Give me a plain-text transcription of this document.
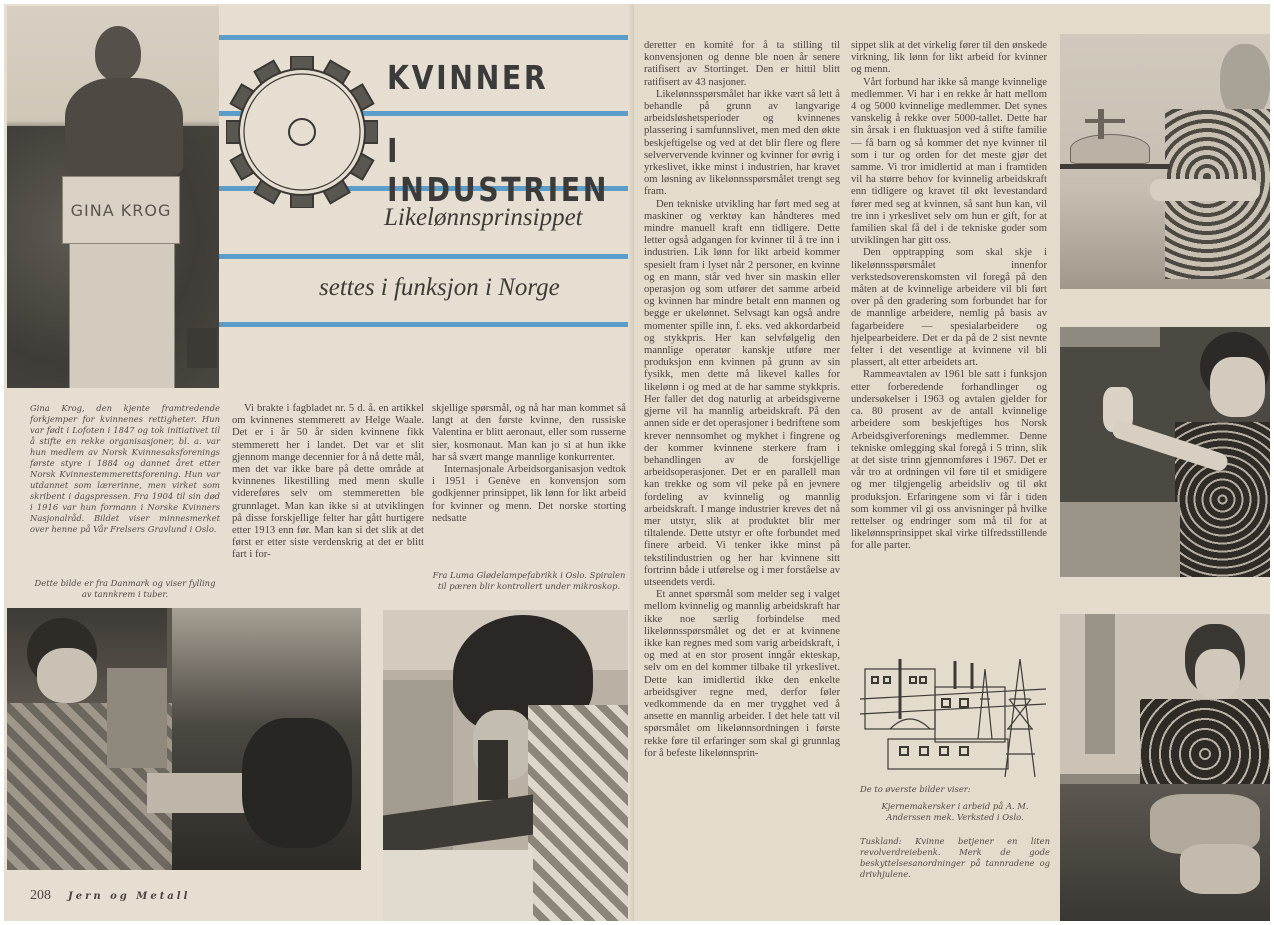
GINA KROG
Gina Krog, den kjente framtredende forkjemper for kvinnenes rettigheter. Hun var født i Lofoten i 1847 og tok initiativet til å stifte en rekke organisasjoner, bl. a. var hun medlem av Norsk Kvinnesaksforenings første styre i 1884 og dannet året etter Norsk Kvinnestemmerettsforening. Hun var utdannet som lærerinne, men virket som skribent i dagspressen. Fra 1904 til sin død i 1916 var hun formann i Norske Kvinners Nasjonalråd. Bildet viser minnesmerket over henne på Vår Frelsers Gravlund i Oslo.
Dette bilde er fra Danmark og viser fylling av tannkrem i tuber.
KVINNER
I INDUSTRIEN
Likelønnsprinsippet
settes i funksjon i Norge

Vi brakte i fagbladet nr. 5 d. å. en artikkel om kvinnenes stemmerett av Helge Waale. Det er i år 50 år siden kvinnene fikk stemmerett her i landet. Det var et slit gjennom mange decennier for å nå dette mål, men det var ikke bare på dette område at kvinnenes likestilling med menn skulle videreføres selv om stemmeretten ble grunnlaget. Man kan ikke si at utviklingen på disse forskjellige felter har gått hurtigere etter 1913 enn før. Man kan si det slik at det først er etter siste verdenskrig at det er blitt fart i for-

skjellige spørsmål, og nå har man kommet så langt at den første kvinne, den russiske Valentina er blitt aeronaut, eller som russerne sier, kosmonaut. Man kan jo si at hun ikke har så svært mange mannlige konkurrenter.

Internasjonale Arbeidsorganisasjon vedtok i 1951 i Genève en konvensjon som godkjenner prinsippet, lik lønn for likt arbeid for kvinner og menn. Det norske storting nedsatte

Fra Luma Glødelampefabrikk i Oslo. Spiralen til pæren blir kontrollert under mikroskop.
208 Jern og Metall

deretter en komité for å ta stilling til konvensjonen og denne ble noen år senere ratifisert av Stortinget. Den er hittil blitt ratifisert av 43 nasjoner.

Likelønnsspørsmålet har ikke vært så lett å behandle på grunn av langvarige arbeidsløshetsperioder og kvinnenes plassering i samfunnslivet, men med den økte beskjeftigelse og ved at det blir flere og flere selververvende kvinner og kvinner for øvrig i yrkeslivet, ikke minst i industrien, har kravet om løsning av likelønnsspørsmålet trengt seg fram.

Den tekniske utvikling har ført med seg at maskiner og verktøy kan håndteres med mindre manuell kraft enn tidligere. Dette letter også adgangen for kvinner til å tre inn i industrien. Lik lønn for likt arbeid kommer spesielt fram i lyset når 2 personer, en kvinne og en mann, står ved hver sin maskin eller operasjon og som utfører det samme arbeid og kvinnen har mindre betalt enn mannen og begge er ukelønnet. Selvsagt kan også andre momenter spille inn, f. eks. ved akkordarbeid og stykkpris. Her kan selvfølgelig den mannlige operatør kanskje utføre mer produksjon enn kvinnen på grunn av sin fysikk, men dette må likevel kalles for likelønn i og med at de har samme stykkpris. Her faller det dog naturlig at arbeidsgiverne gjerne vil ha mannlig arbeidskraft. På den annen side er det operasjoner i bedriftene som krever nennsomhet og mykhet i fingrene og der kommer kvinnene sterkere fram i behandlingen av de forskjellige arbeidsoperasjoner. Det er en parallell man kan trekke og som vil peke på en jevnere fordeling av kvinnelig og mannlig arbeidskraft. I mange industrier kreves det nå mer utstyr, slik at produktet blir mer tiltalende. Dette utstyr er ofte forbundet med finere arbeid. Vi tenker ikke minst på tekstilindustrien og her har kvinnene sitt fortrinn både i utførelse og i mer forståelse av utseendets verdi.

Et annet spørsmål som melder seg i valget mellom kvinnelig og mannlig arbeidskraft har ikke noe særlig forbindelse med likelønnsspørsmålet og det er at kvinnene ikke kan regnes med som varig arbeidskraft, i og med at en stor prosent inngår ekteskap, selv om en del kommer tilbake til yrkeslivet. Dette kan imidlertid ikke den enkelte arbeidsgiver regne med, derfor føler vedkommende da en mer trygghet ved å ansette en mannlig arbeider. I det hele tatt vil spørsmålet om likelønnsordningen i første rekke føre til erfaringer som skal gi grunnlag for å befeste likelønnsprin-

sippet slik at det virkelig fører til den ønskede virkning, lik lønn for likt arbeid for kvinner og menn.

Vårt forbund har ikke så mange kvinnelige medlemmer. Vi har i en rekke år hatt mellom 4 og 5000 kvinnelige medlemmer. Det synes vanskelig å rekke over 5000-tallet. Dette har sin årsak i en fluktuasjon ved å stifte familie — få barn og så kommer det nye kvinner til som i tur og orden for det meste gjør det samme. Vi tror imidlertid at man i framtiden vil ha større behov for kvinnelig arbeidskraft enn tidligere og kravet til økt levestandard fører med seg at kvinnen, så sant hun kan, vil tre inn i yrkeslivet selv om hun er gift, for at familien skal få del i de tekniske goder som utviklingen har gitt oss.

Den opptrapping som skal skje i likelønnsspørsmålet innenfor verkstedsoverenskomsten vil foregå på den måten at de kvinnelige arbeidere vil bli ført over på den gradering som forbundet har for de mannlige arbeidere, nemlig på basis av fagarbeidere — spesialarbeidere og hjelpearbeidere. Det er da på de 2 sist nevnte felter i det vesentlige at kvinnene vil bli plassert, alt etter arbeidets art.

Rammeavtalen av 1961 ble satt i funksjon etter forberedende forhandlinger og undersøkelser i 1963 og avtalen gjelder for ca. 80 prosent av de antall kvinnelige arbeidere som beskjeftiges hos Norsk Arbeidsgiverforenings medlemmer. Denne tekniske omlegging skal foregå i 5 trinn, slik at det siste trinn gjennomføres i 1967. Det er vår tro at ordningen vil føre til et smidigere og mer tilgjengelig arbeidsliv og til økt produksjon. Erfaringene som vi får i tiden som kommer vil gi oss anvisninger på hvilke rettelser og endringer som må til for at likelønnsprinsippet skal virke tilfredsstillende for alle parter.

De to øverste bilder viser:
Kjernemakersker i arbeid på A. M. Anderssen mek. Verksted i Oslo.
Tuskland: Kvinne betjener en liten revolverdreiebenk. Merk de gode beskyttelsesanordninger på tannradene og drivhjulene.
